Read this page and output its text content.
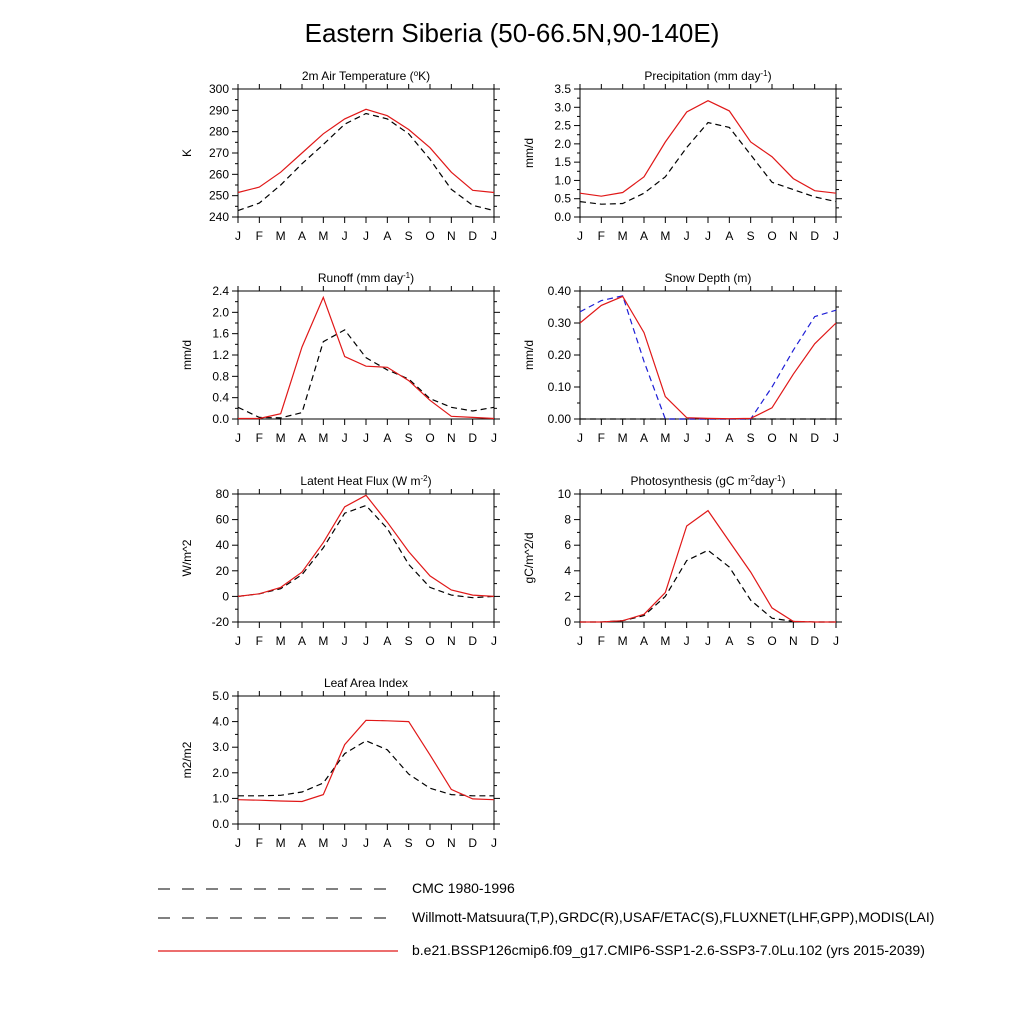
Eastern Siberia (50-66.5N,90-140E)
J F M A M J J A S O N D J
240
250
260
270
280
290
300
K
2m Air Temperature ($^o$K)
J F M A M J J A S O N D J
0.0
0.5
1.0
1.5
2.0
2.5
3.0
3.5
mm/d
Precipitation (mm day$^{-1}$)
J F M A M J J A S O N D J
0.0
0.4
0.8
1.2
1.6
2.0
2.4
mm/d
Runoff (mm day$^{-1}$)
J F M A M J J A S O N D J
0.00
0.10
0.20
0.30
0.40
mm/d
Snow Depth (m)
J F M A M J J A S O N D J
-20
0
20
40
60
80
W/m^2
Latent Heat Flux (W $m^{-2}$)
J F M A M J J A S O N D J
0
2
4
6
8
10
gC/m^2/d
Photosynthesis (gC $m^{-2}day^{-1}$)
J F M A M J J A S O N D J
0.0
1.0
2.0
3.0
4.0
5.0
m2/m2
Leaf Area Index
CMC 1980-1996
Willmott-Matsuura(T,P),GRDC(R),USAF/ETAC(S),FLUXNET(LHF,GPP),MODIS(LAI)
b.e21.BSSP126cmip6.f09_g17.CMIP6-SSP1-2.6-SSP3-7.0Lu.102 (yrs 2015-2039)
